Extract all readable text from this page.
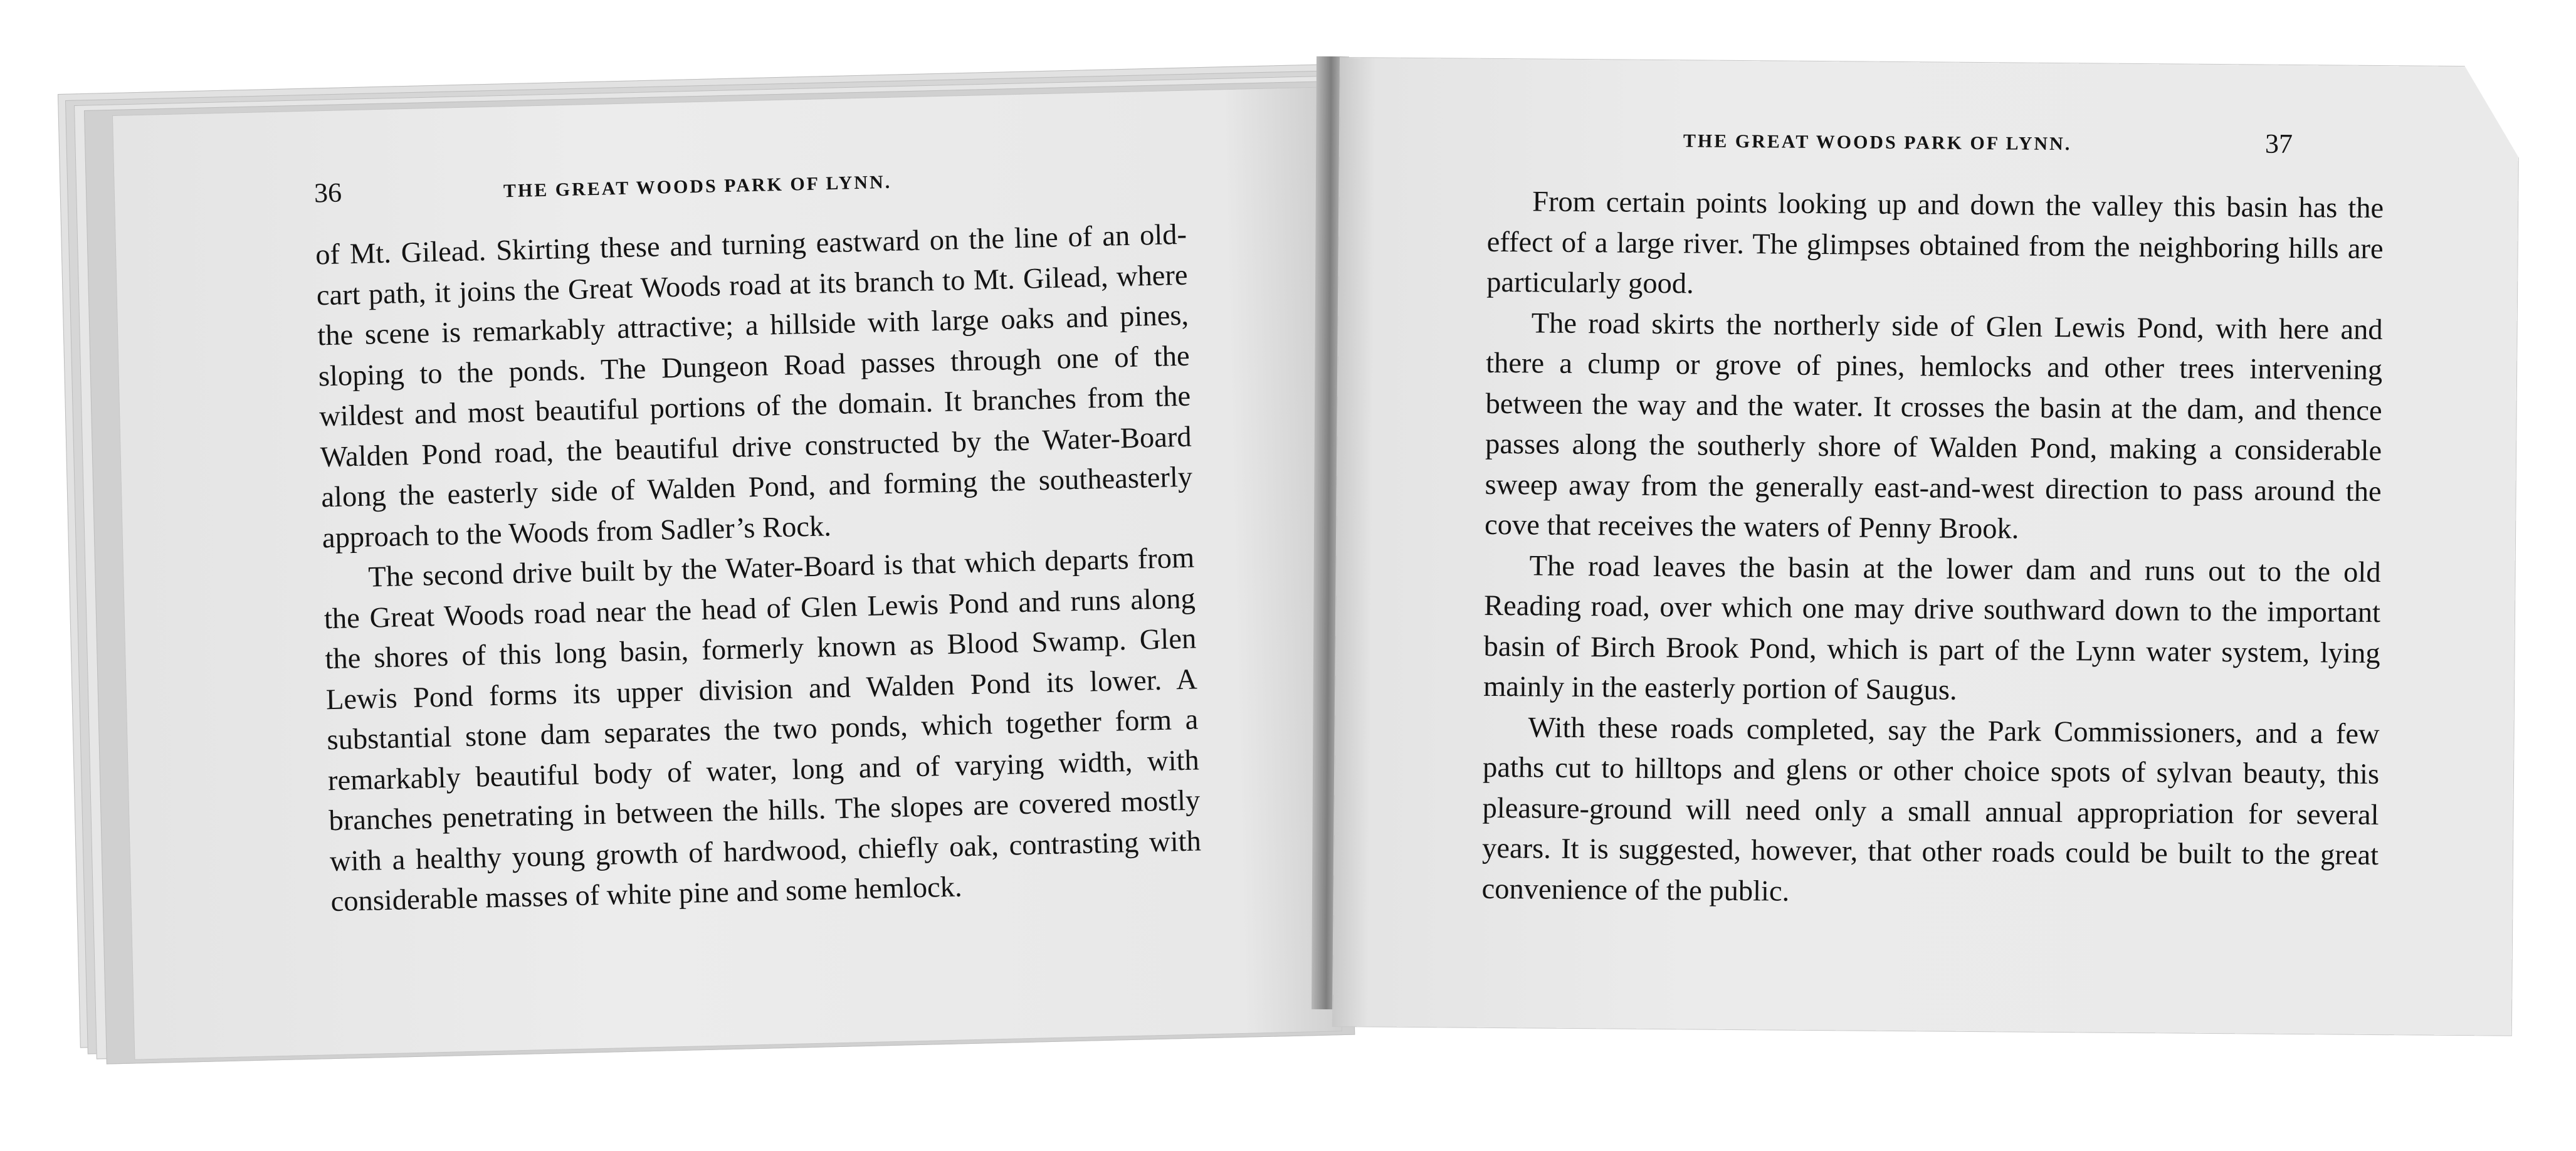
36	THE GREAT WOODS PARK OF LYNN.

of Mt. Gilead. Skirting these and turning eastward on the line of an old-cart path, it joins the Great Woods road at its branch to Mt. Gilead, where the scene is remarkably attractive; a hillside with large oaks and pines, sloping to the ponds. The Dungeon Road passes through one of the wildest and most beautiful portions of the domain. It branches from the Walden Pond road, the beautiful drive constructed by the Water-Board along the easterly side of Walden Pond, and forming the southeasterly approach to the Woods from Sadler’s Rock.

The second drive built by the Water-Board is that which departs from the Great Woods road near the head of Glen Lewis Pond and runs along the shores of this long basin, formerly known as Blood Swamp. Glen Lewis Pond forms its upper division and Walden Pond its lower. A substantial stone dam separates the two ponds, which together form a remarkably beautiful body of water, long and of varying width, with branches penetrating in between the hills. The slopes are covered mostly with a healthy young growth of hardwood, chiefly oak, contrasting with considerable masses of white pine and some hemlock.

THE GREAT WOODS PARK OF LYNN.	37

From certain points looking up and down the valley this basin has the effect of a large river. The glimpses obtained from the neighboring hills are particularly good.

The road skirts the northerly side of Glen Lewis Pond, with here and there a clump or grove of pines, hemlocks and other trees intervening between the way and the water. It crosses the basin at the dam, and thence passes along the southerly shore of Walden Pond, making a considerable sweep away from the generally east-and-west direction to pass around the cove that receives the waters of Penny Brook.

The road leaves the basin at the lower dam and runs out to the old Reading road, over which one may drive southward down to the important basin of Birch Brook Pond, which is part of the Lynn water system, lying mainly in the easterly portion of Saugus.

With these roads completed, say the Park Commissioners, and a few paths cut to hilltops and glens or other choice spots of sylvan beauty, this pleasure-ground will need only a small annual appropriation for several years. It is suggested, however, that other roads could be built to the great convenience of the public.
